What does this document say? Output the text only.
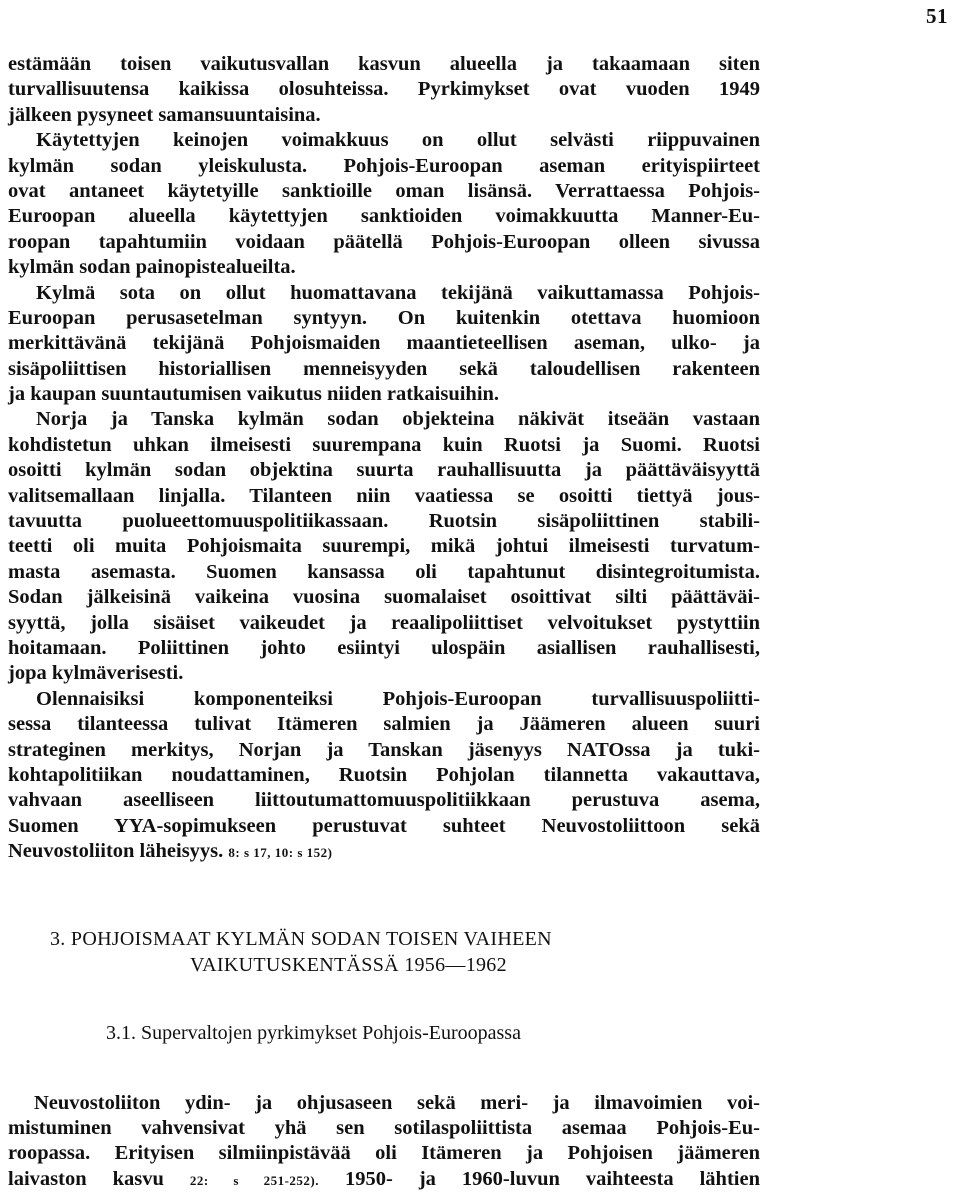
51
estämään toisen vaikutusvallan kasvun alueella ja takaamaan siten
turvallisuutensa kaikissa olosuhteissa. Pyrkimykset ovat vuoden 1949
jälkeen pysyneet samansuuntaisina.
Käytettyjen keinojen voimakkuus on ollut selvästi riippuvainen
kylmän sodan yleiskulusta. Pohjois-Euroopan aseman erityispiirteet
ovat antaneet käytetyille sanktioille oman lisänsä. Verrattaessa Pohjois-
Euroopan alueella käytettyjen sanktioiden voimakkuutta Manner-Eu-
roopan tapahtumiin voidaan päätellä Pohjois-Euroopan olleen sivussa
kylmän sodan painopistealueilta.
Kylmä sota on ollut huomattavana tekijänä vaikuttamassa Pohjois-
Euroopan perusasetelman syntyyn. On kuitenkin otettava huomioon
merkittävänä tekijänä Pohjoismaiden maantieteellisen aseman, ulko- ja
sisäpoliittisen historiallisen menneisyyden sekä taloudellisen rakenteen
ja kaupan suuntautumisen vaikutus niiden ratkaisuihin.
Norja ja Tanska kylmän sodan objekteina näkivät itseään vastaan
kohdistetun uhkan ilmeisesti suurempana kuin Ruotsi ja Suomi. Ruotsi
osoitti kylmän sodan objektina suurta rauhallisuutta ja päättäväisyyttä
valitsemallaan linjalla. Tilanteen niin vaatiessa se osoitti tiettyä jous-
tavuutta puolueettomuuspolitiikassaan. Ruotsin sisäpoliittinen stabili-
teetti oli muita Pohjoismaita suurempi, mikä johtui ilmeisesti turvatum-
masta asemasta. Suomen kansassa oli tapahtunut disintegroitumista.
Sodan jälkeisinä vaikeina vuosina suomalaiset osoittivat silti päättäväi-
syyttä, jolla sisäiset vaikeudet ja reaalipoliittiset velvoitukset pystyttiin
hoitamaan. Poliittinen johto esiintyi ulospäin asiallisen rauhallisesti,
jopa kylmäverisesti.
Olennaisiksi komponenteiksi Pohjois-Euroopan turvallisuuspoliitti-
sessa tilanteessa tulivat Itämeren salmien ja Jäämeren alueen suuri
strateginen merkitys, Norjan ja Tanskan jäsenyys NATOssa ja tuki-
kohtapolitiikan noudattaminen, Ruotsin Pohjolan tilannetta vakauttava,
vahvaan aseelliseen liittoutumattomuuspolitiikkaan perustuva asema,
Suomen YYA-sopimukseen perustuvat suhteet Neuvostoliittoon sekä
Neuvostoliiton läheisyys. 8: s 17, 10: s 152)
3. POHJOISMAAT KYLMÄN SODAN TOISEN VAIHEEN
VAIKUTUSKENTÄSSÄ 1956—1962
3.1. Supervaltojen pyrkimykset Pohjois-Euroopassa
Neuvostoliiton ydin- ja ohjusaseen sekä meri- ja ilmavoimien voi-
mistuminen vahvensivat yhä sen sotilaspoliittista asemaa Pohjois-Eu-
roopassa. Erityisen silmiinpistävää oli Itämeren ja Pohjoisen jäämeren
laivaston kasvu 22: s 251-252). 1950- ja 1960-luvun vaihteesta lähtien
